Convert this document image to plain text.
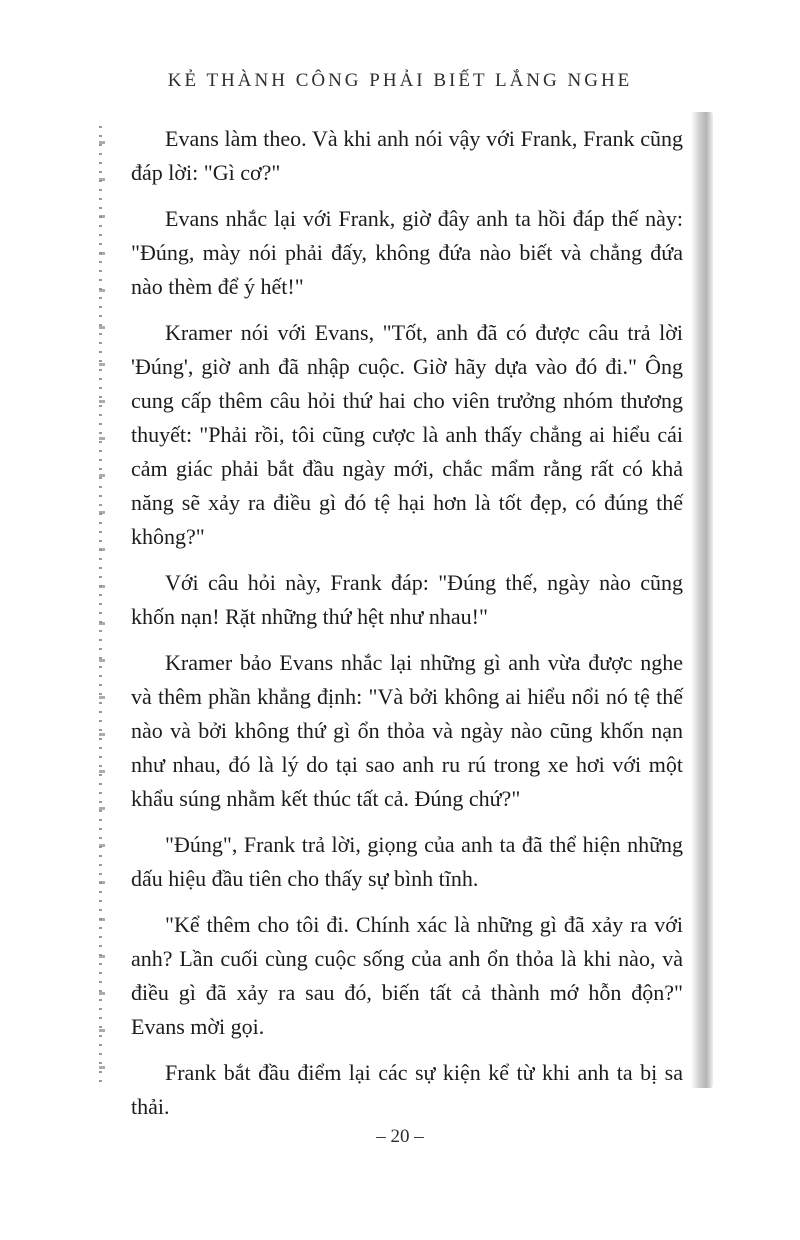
KẺ THÀNH CÔNG PHẢI BIẾT LẮNG NGHE

Evans làm theo. Và khi anh nói vậy với Frank, Frank cũng đáp lời: "Gì cơ?"

Evans nhắc lại với Frank, giờ đây anh ta hồi đáp thế này: "Đúng, mày nói phải đấy, không đứa nào biết và chẳng đứa nào thèm để ý hết!"

Kramer nói với Evans, "Tốt, anh đã có được câu trả lời 'Đúng', giờ anh đã nhập cuộc. Giờ hãy dựa vào đó đi." Ông cung cấp thêm câu hỏi thứ hai cho viên trưởng nhóm thương thuyết: "Phải rồi, tôi cũng cược là anh thấy chẳng ai hiểu cái cảm giác phải bắt đầu ngày mới, chắc mẩm rằng rất có khả năng sẽ xảy ra điều gì đó tệ hại hơn là tốt đẹp, có đúng thế không?"

Với câu hỏi này, Frank đáp: "Đúng thế, ngày nào cũng khốn nạn! Rặt những thứ hệt như nhau!"

Kramer bảo Evans nhắc lại những gì anh vừa được nghe và thêm phần khẳng định: "Và bởi không ai hiểu nổi nó tệ thế nào và bởi không thứ gì ổn thỏa và ngày nào cũng khốn nạn như nhau, đó là lý do tại sao anh ru rú trong xe hơi với một khẩu súng nhằm kết thúc tất cả. Đúng chứ?"

"Đúng", Frank trả lời, giọng của anh ta đã thể hiện những dấu hiệu đầu tiên cho thấy sự bình tĩnh.

"Kể thêm cho tôi đi. Chính xác là những gì đã xảy ra với anh? Lần cuối cùng cuộc sống của anh ổn thỏa là khi nào, và điều gì đã xảy ra sau đó, biến tất cả thành mớ hỗn độn?" Evans mời gọi.

Frank bắt đầu điểm lại các sự kiện kể từ khi anh ta bị sa thải.

– 20 –
